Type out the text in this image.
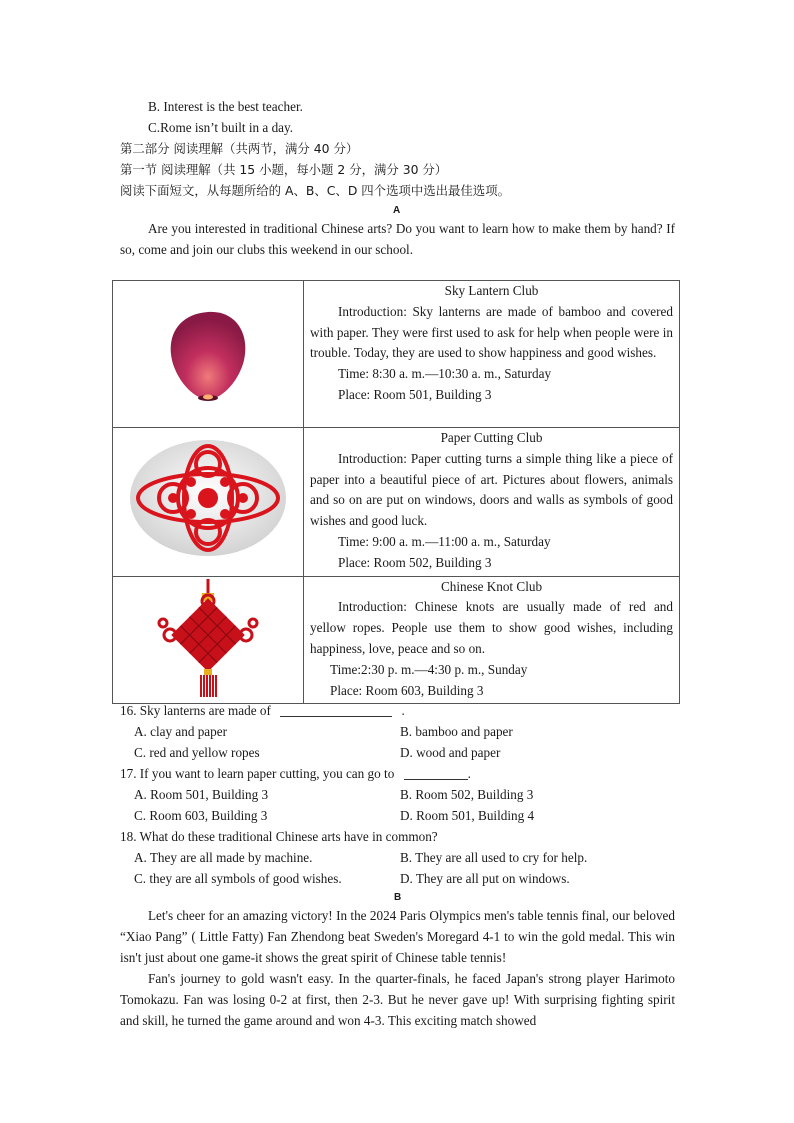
B. Interest is the best teacher.
C.Rome isn’t built in a day.
第二部分 阅读理解（共两节，满分 40 分）
第一节 阅读理解（共 15 小题，每小题 2 分，满分 30 分）
阅读下面短文，从每题所给的 A、B、C、D 四个选项中选出最佳选项。
A

Are you interested in traditional Chinese arts? Do you want to learn how to make them by hand? If so, come and join our clubs this weekend in our school.

Sky Lantern Club

Introduction: Sky lanterns are made of bamboo and covered with paper. They were first used to ask for help when people were in trouble. Today, they are used to show happiness and good wishes.

Time: 8:30 a. m.—10:30 a. m., Saturday

Place: Room 501, Building 3

Paper Cutting Club

Introduction: Paper cutting turns a simple thing like a piece of paper into a beautiful piece of art. Pictures about flowers, animals and so on are put on windows, doors and walls as symbols of good wishes and good luck.

Time: 9:00 a. m.—11:00 a. m., Saturday

Place: Room 502, Building 3

Chinese Knot Club

Introduction: Chinese knots are usually made of red and yellow ropes. People use them to show good wishes, including happiness, love, peace and so on.

Time:2:30 p. m.—4:30 p. m., Sunday

Place: Room 603, Building 3

16. Sky lanterns are made of	.
A. clay and paper	B. bamboo and paper
C. red and yellow ropes	D. wood and paper
17. If you want to learn paper cutting, you can go to	.
A. Room 501, Building 3	B. Room 502, Building 3
C. Room 603, Building 3	D. Room 501, Building 4
18. What do these traditional Chinese arts have in common?
A. They are all made by machine.	B. They are all used to cry for help.
C. they are all symbols of good wishes.	D. They are all put on windows.
B

Let's cheer for an amazing victory! In the 2024 Paris Olympics men's table tennis final, our beloved “Xiao Pang” ( Little Fatty) Fan Zhendong beat Sweden's Moregard 4-1 to win the gold medal. This win isn't just about one game-it shows the great spirit of Chinese table tennis!

Fan's journey to gold wasn't easy. In the quarter-finals, he faced Japan's strong player Harimoto Tomokazu. Fan was losing 0-2 at first, then 2-3. But he never gave up! With surprising fighting spirit and skill, he turned the game around and won 4-3. This exciting match showed
